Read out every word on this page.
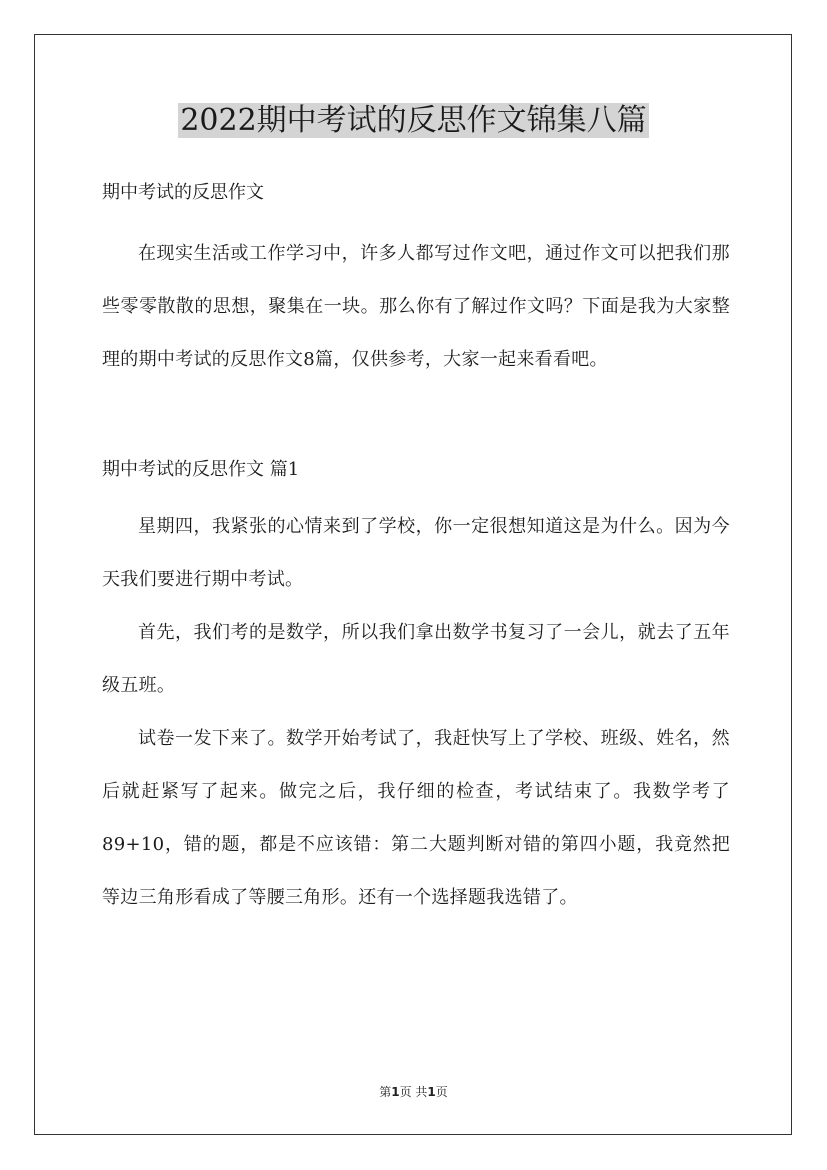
2022期中考试的反思作文锦集八篇

期中考试的反思作文

在现实生活或工作学习中，许多人都写过作文吧，通过作文可以把我们那些零零散散的思想，聚集在一块。那么你有了解过作文吗？下面是我为大家整理的期中考试的反思作文8篇，仅供参考，大家一起来看看吧。

期中考试的反思作文 篇1

星期四，我紧张的心情来到了学校，你一定很想知道这是为什么。因为今天我们要进行期中考试。

首先，我们考的是数学，所以我们拿出数学书复习了一会儿，就去了五年级五班。

试卷一发下来了。数学开始考试了，我赶快写上了学校、班级、姓名，然后就赶紧写了起来。做完之后，我仔细的检查，考试结束了。我数学考了89+10，错的题，都是不应该错：第二大题判断对错的第四小题，我竟然把等边三角形看成了等腰三角形。还有一个选择题我选错了。

第1页 共1页
